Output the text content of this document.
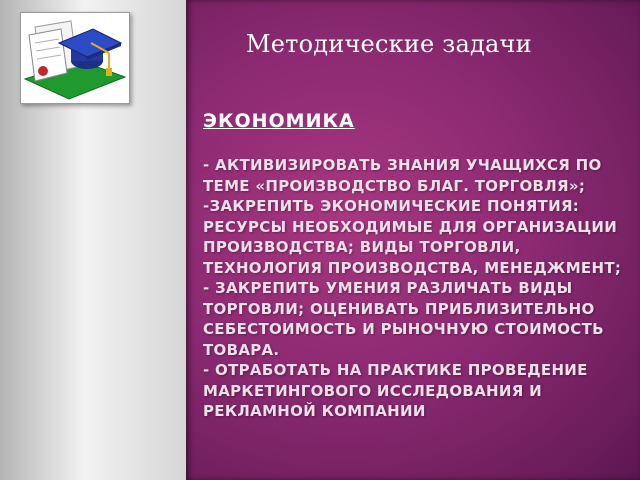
Методические задачи
ЭКОНОМИКА
- АКТИВИЗИРОВАТЬ ЗНАНИЯ УЧАЩИХСЯ ПО ТЕМЕ «ПРОИЗВОДСТВО БЛАГ. ТОРГОВЛЯ»;
-ЗАКРЕПИТЬ ЭКОНОМИЧЕСКИЕ ПОНЯТИЯ: РЕСУРСЫ НЕОБХОДИМЫЕ ДЛЯ ОРГАНИЗАЦИИ ПРОИЗВОДСТВА; ВИДЫ ТОРГОВЛИ, ТЕХНОЛОГИЯ ПРОИЗВОДСТВА, МЕНЕДЖМЕНТ;
- ЗАКРЕПИТЬ УМЕНИЯ РАЗЛИЧАТЬ ВИДЫ ТОРГОВЛИ; ОЦЕНИВАТЬ ПРИБЛИЗИТЕЛЬНО СЕБЕСТОИМОСТЬ И РЫНОЧНУЮ СТОИМОСТЬ ТОВАРА.
- ОТРАБОТАТЬ НА ПРАКТИКЕ ПРОВЕДЕНИЕ МАРКЕТИНГОВОГО ИССЛЕДОВАНИЯ И РЕКЛАМНОЙ КОМПАНИИ
